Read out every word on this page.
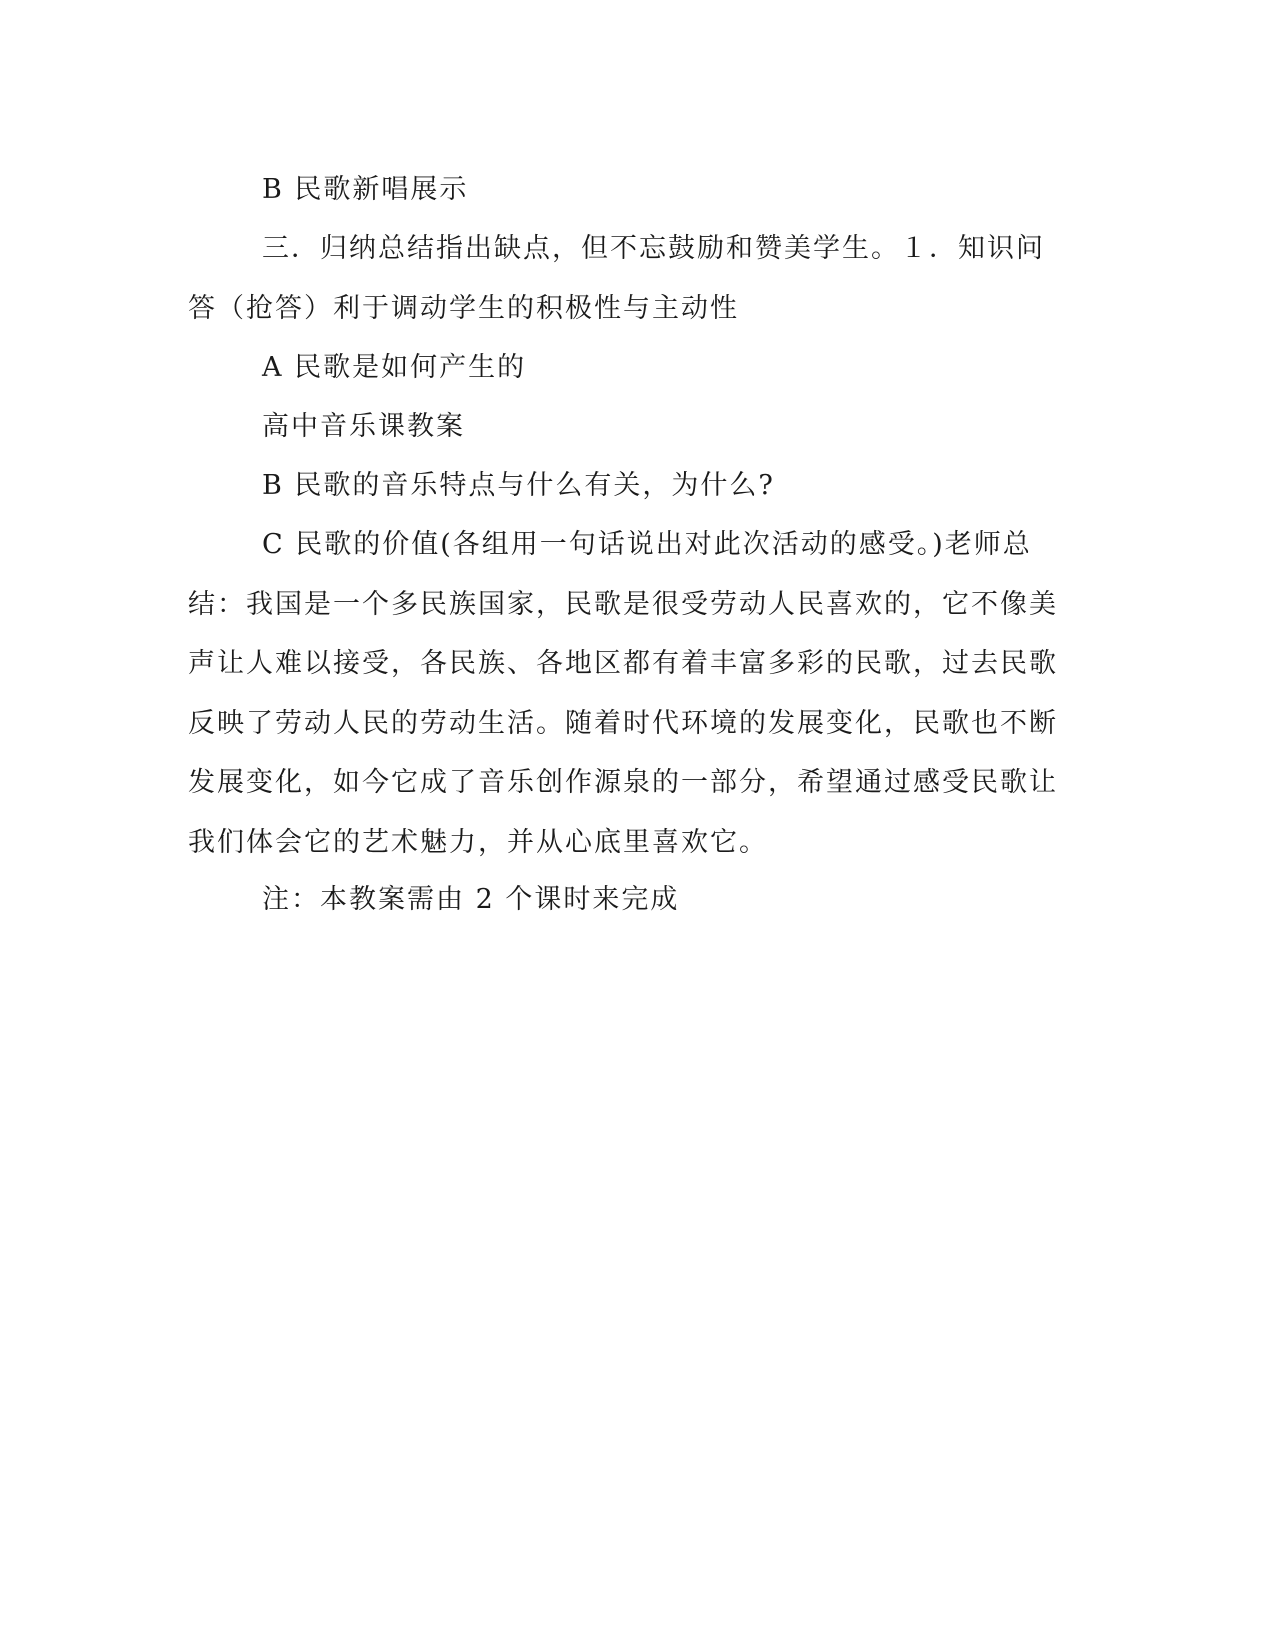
B 民歌新唱展示

三．归纳总结指出缺点，但不忘鼓励和赞美学生。１．知识问答（抢答）利于调动学生的积极性与主动性

A 民歌是如何产生的

高中音乐课教案

B 民歌的音乐特点与什么有关，为什么?

C 民歌的价值(各组用一句话说出对此次活动的感受。)老师总结：我国是一个多民族国家，民歌是很受劳动人民喜欢的，它不像美声让人难以接受，各民族、各地区都有着丰富多彩的民歌，过去民歌反映了劳动人民的劳动生活。随着时代环境的发展变化，民歌也不断发展变化，如今它成了音乐创作源泉的一部分，希望通过感受民歌让我们体会它的艺术魅力，并从心底里喜欢它。

注：本教案需由 2 个课时来完成
